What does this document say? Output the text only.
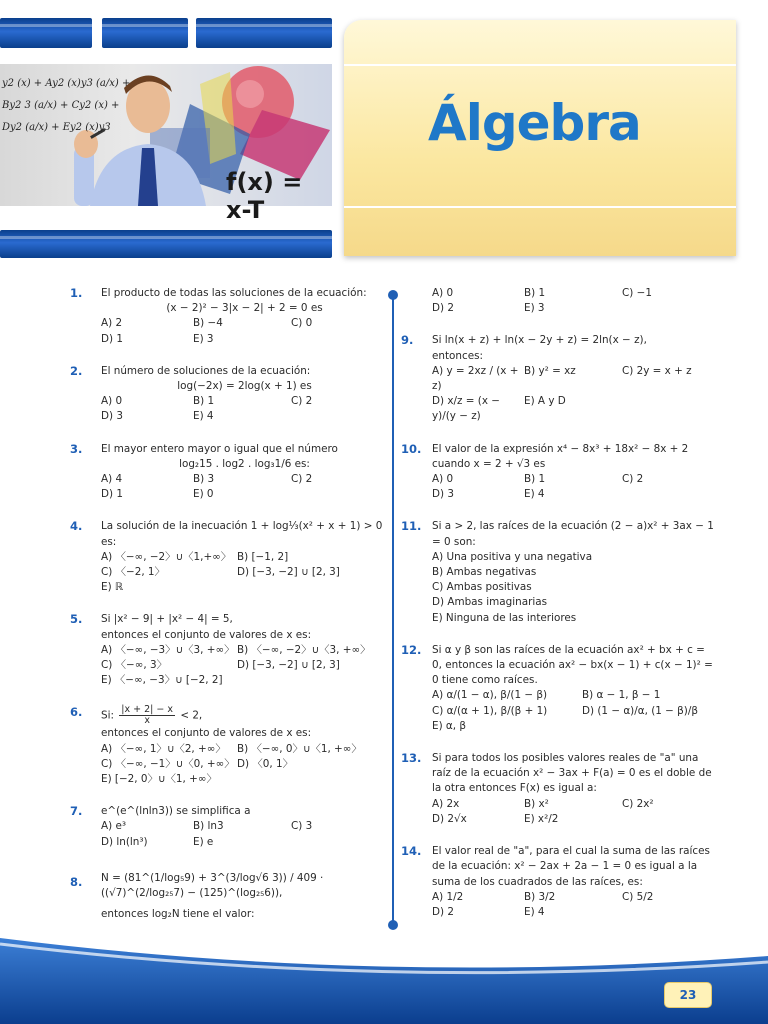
y2 (x) + Ay2 (x)y3 (a/x) +
By2 3 (a/x) + Cy2 (x) +
Dy2 (a/x) + Ey2 (x)y3
f(x) = x-T
Álgebra
1. El producto de todas las soluciones de la ecuación:
(x − 2)² − 3|x − 2| + 2 = 0 es
A) 2	B) −4	C) 0
D) 1	E) 3
2. El número de soluciones de la ecuación:
log(−2x) = 2log(x + 1) es
A) 0	B) 1	C) 2
D) 3	E) 4
3. El mayor entero mayor o igual que el número
log₂15 . log2 . log₃1/6 es:
A) 4	B) 3	C) 2
D) 1	E) 0
4. La solución de la inecuación 1 + log⅓(x² + x + 1) > 0 es:
A) 〈−∞, −2〉∪〈1,+∞〉 B) [−1, 2]
C) 〈−2, 1〉	D) [−3, −2] ∪ [2, 3]
E) ℝ
5. Si |x² − 9| + |x² − 4| = 5,
entonces el conjunto de valores de x es:
A) 〈−∞, −3〉∪〈3, +∞〉 B) 〈−∞, −2〉∪〈3, +∞〉
C) 〈−∞, 3〉	D) [−3, −2] ∪ [2, 3]
E) 〈−∞, −3〉∪ [−2, 2]
6. Si: $\frac{|x + 2| - x}{x} < 2$,
entonces el conjunto de valores de x es:
A) 〈−∞, 1〉∪〈2, +∞〉	B) 〈−∞, 0〉∪〈1, +∞〉
C) 〈−∞, −1〉∪〈0, +∞〉 D) 〈0, 1〉
E) [−2, 0〉∪〈1, +∞〉
7. e^(e^(lnln3)) se simplifica a
A) e³	B) ln3	C) 3
D) ln(ln³)	E) e
8. N = (81^(1/log₅9) + 3^(3/log√6 3)) / 409 · ((√7)^(2/log₂₅7) − (125)^(log₂₅6)),
entonces log₂N tiene el valor:
A) 0	B) 1	C) −1
D) 2	E) 3
9. Si ln(x + z) + ln(x − 2y + z) = 2ln(x − z),
entonces:
A) y = 2xz / (x + z)
B) y² = xz	C) 2y = x + z
D) x/z = (x − y)/(y − z)
E) A y D
10. El valor de la expresión x⁴ − 8x³ + 18x² − 8x + 2 cuando x = 2 + √3 es
A) 0	B) 1	C) 2
D) 3	E) 4
11. Si a > 2, las raíces de la ecuación (2 − a)x² + 3ax − 1 = 0 son:
A) Una positiva y una negativa
B) Ambas negativas
C) Ambas positivas
D) Ambas imaginarias
E) Ninguna de las interiores
12. Si α y β son las raíces de la ecuación ax² + bx + c = 0, entonces la ecuación ax² − bx(x − 1) + c(x − 1)² = 0 tiene como raíces.
A) α/(1 − α), β/(1 − β)	B) α − 1, β − 1
C) α/(α + 1), β/(β + 1)	D) (1 − α)/α, (1 − β)/β
E) α, β
13. Si para todos los posibles valores reales de "a" una raíz de la ecuación x² − 3ax + F(a) = 0 es el doble de la otra entonces F(x) es igual a:
A) 2x	B) x²	C) 2x²
D) 2√x	E) x²/2
14. El valor real de "a", para el cual la suma de las raíces de la ecuación: x² − 2ax + 2a − 1 = 0 es igual a la suma de los cuadrados de las raíces, es:
A) 1/2	B) 3/2	C) 5/2
D) 2	E) 4
23
